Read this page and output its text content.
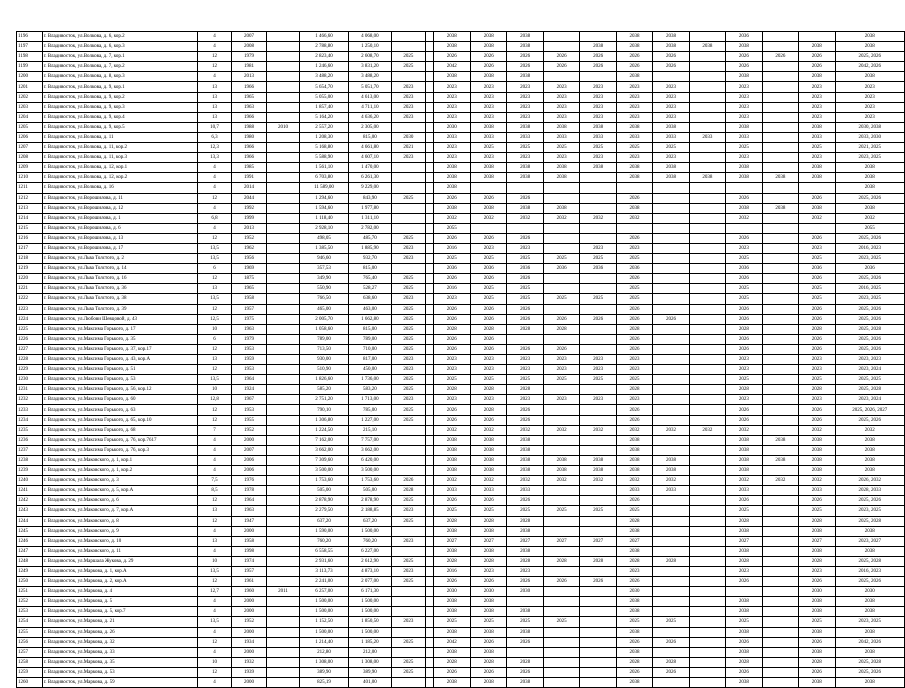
1196	г. Владивосток, ул.Волкова, д. 6, кор.2	4	2007		1 466,60	4 068,00			2038	2038	2038			2038	2038		2036			2038
1197	г. Владивосток, ул.Волкова, д. 6, кор.3	4	2008		2 788,80	1 250,10			2038	2038	2038		2038	2038	2038	2038	2038		2038	2038
1198	г. Владивосток, ул.Волкова, д. 7, кор.1	12	1979		2 823,40	2 608,70	2025		2026	2026	2026	2026	2026	2026	2026		2026	2026	2026	2025, 2026
1199	г. Владивосток, ул.Волкова, д. 7, кор.2	12	1981		1 246,60	3 831,20	2025		2042	2026	2026	2026	2026	2026	2026		2026		2026	2042, 2026
1200	г. Владивосток, ул.Волкова, д. 8, кор.3	4	2013		3 488,20	3 488,20			2038	2038	2038			2038			2038		2038	2038
1201	г. Владивосток, ул.Волкова, д. 9, кор.1	13	1966		5 654,70	5 051,70	2023		2023	2023	2023	2023	2023	2023	2023		2023		2023	2023
1202	г. Владивосток, ул.Волкова, д. 9, кор.2	13	1965		5 055,00	4 613,00	2023		2023	2023	2023	2023	2023	2023	2023		2023		2023	2023
1203	г. Владивосток, ул.Волкова, д. 9, кор.3	13	1963		1 857,40	4 711,10	2023		2023	2023	2023	2023	2023	2023	2023		2023		2023	2023
1204	г. Владивосток, ул.Волкова, д. 9, кор.4	13	1966		5 164,20	4 636,20	2023		2023	2023	2023	2023	2023	2023	2023		2023		2023	2023
1205	г. Владивосток, ул.Волкова, д. 9, кор.5	10,7	1988	2010	2 557,20	2 305,00			2030	2038	2038	2038	2038	2038	2038		2038		2038	2030, 2038
1206	г. Владивосток, ул.Волкова, д. 11	6,3	1980		1 208,30	815,00	2030		2033	2033	2033	2033	2033	2033	2033	2033	2033		2033	2033, 2030
1207	г. Владивосток, ул.Волкова, д. 11, кор.2	12,3	1966		5 168,80	4 661,80	2021		2023	2025	2025	2025	2025	2025	2025		2025		2025	2021, 2025
1208	г. Владивосток, ул.Волкова, д. 11, кор.3	13,3	1966		5 588,90	4 607,10	2023		2023	2023	2023	2023	2023	2023	2023		2023		2023	2023, 2025
1209	г. Владивосток, ул.Волкова, д. 12, кор.1	4	1985		1 561,10	1 470,00			2038	2038	2038	2038	2038	2038	2038		2038		2038	2038
1210	г. Владивосток, ул.Волкова, д. 12, кор.2	4	1991		6 703,80	6 261,30			2038	2038	2038	2038		2038	2038	2038	2038	2038	2038	2038
1211	г. Владивосток, ул.Волкова, д. 16	4	2014		11 589,00	9 229,00			2038											2038
1212	г. Владивосток, ул.Ворошилова, д. 11	12	2044		1 294,60	843,90	2025		2026	2026	2026			2026			2026		2026	2025, 2026
1213	г. Владивосток, ул.Ворошилова, д. 12	4	1992		1 594,60	1 977,80			2038	2038	2038	2038		2038			2038	2038	2038	2038
1214	г. Владивосток, ул.Ворошилова, д. 1	6,8	1999		1 118,40	1 311,10			2032	2032	2032	2032	2032	2032			2032		2032	2032
1215	г. Владивосток, ул.Ворошилова, д. 6	4	2013		2 928,10	2 782,00			2055											2055
1216	г. Владивосток, ул.Ворошилова, д. 13	12	1952		498,05	485,70	2025		2026	2026	2026			2026			2026		2026	2025, 2026
1217	г. Владивосток, ул.Ворошилова, д. 17	13,5	1962		1 385,50	1 885,90	2023		2016	2023	2023		2023	2023			2023		2023	2016, 2023
1218	г. Владивосток, ул.Льва Толстого, д. 2	13,5	1956		946,60	932,70	2023		2025	2025	2025	2025	2025	2025			2025		2025	2023, 2025
1219	г. Владивосток, ул.Льва Толстого, д. 14	6	1969		357,53	815,00			2036	2036	2036	2036	2036	2036			2036		2036	2036
1220	г. Владивосток, ул.Льва Толстого, д. 16	12	1875		349,90	765,40	2025		2026	2026	2026			2026			2026		2026	2025, 2026
1221	г. Владивосток, ул.Льва Толстого, д. 36	13	1965		550,90	528,27	2025		2016	2025	2025			2025			2025		2025	2016, 2025
1222	г. Владивосток, ул.Льва Толстого, д. 38	13,5	1958		766,50	638,60	2023		2023	2025	2025	2025	2025	2025			2025		2025	2023, 2025
1223	г. Владивосток, ул.Льва Толстого, д. 39	12	1957		465,00	463,00	2025		2026	2026	2026			2026			2026		2026	2025, 2026
1224	г. Владивосток, ул.Любови Шевцовой, д. 43	12,5	1975		2 005,70	1 662,80	2025		2026	2026	2026	2026	2026	2026	2026		2026		2026	2025, 2026
1225	г. Владивосток, ул.Максима Горького, д. 17	10	1963		1 058,60	815,00	2025		2028	2028	2028	2028		2028			2028		2028	2025, 2028
1226	г. Владивосток, ул.Максима Горького, д. 35	6	1979		789,00	789,00	2025		2026	2026				2026			2026		2026	2025, 2026
1227	г. Владивосток, ул.Максима Горького, д. 37, кор.17	12	1953		713,50	710,00	2025		2026	2026	2026	2026		2026			2026		2026	2025, 2026
1228	г. Владивосток, ул.Максима Горького, д. 43, кор.А	13	1959		930,00	817,00	2023		2023	2023	2023	2023	2023	2023			2023		2023	2023, 2023
1229	г. Владивосток, ул.Максима Горького, д. 51	12	1953		510,90	450,00	2023		2023	2023	2023	2023	2023	2023			2023		2023	2023, 2024
1230	г. Владивосток, ул.Максима Горького, д. 53	13,5	1964		1 826,60	1 736,00	2025		2025	2025	2025	2025	2025	2025			2025		2025	2025, 2025
1231	г. Владивосток, ул.Максима Горького, д. 56, кор.12	10	1924		585,20	583,20	2025		2028	2028	2028			2028			2028		2028	2025, 2028
1232	г. Владивосток, ул.Максима Горького, д. 60	12,8	1967		2 751,20	1 713,00	2023		2023	2023	2023	2023	2023	2023			2023		2023	2023, 2024
1233	г. Владивосток, ул.Максима Горького, д. 63	12	1953		790,10	785,00	2025		2026	2028	2026			2026			2026		2026	2025, 2026, 2027
1234	г. Владивосток, ул.Максима Горького, д. 65, кор.10	12	1955		1 306,80	1 227,00	2025		2026	2026	2026			2026			2026		2026	2025, 2026
1235	г. Владивосток, ул.Максима Горького, д. 68	7	1952		1 224,50	215,10			2032	2032	2032	2032	2032	2032	2032	2032	2032		2032	2032
1236	г. Владивосток, ул.Максима Горького, д. 76, кор.7617	4	2000		7 162,00	7 757,00			2038	2038	2038			2038			2038	2038	2038	2038
1237	г. Владивосток, ул.Максима Горького, д. 76, кор.3	4	2007		3 662,00	3 662,00			2038	2038	2038			2038			2038		2038	2038
1238	г. Владивосток, ул.Маковского, д. 1, кор.1	4	2006		7 309,60	6 420,00			2038	2038	2038	2038	2038	2038	2038		2038	2038	2038	2038
1239	г. Владивосток, ул.Маковского, д. 1, кор.2	4	2006		3 500,00	3 500,00			2038	2038	2038	2038	2038	2038	2038		2038		2038	2038
1240	г. Владивосток, ул.Маковского, д. 3	7,5	1976		1 753,60	1 753,60	2026		2032	2032	2032	2032	2032	2032	2032		2032	2032	2032	2026, 2032
1241	г. Владивосток, ул.Маковского, д. 5, кор.А	8,5	1978		505,00	505,00	2028		2033	2033	2033			2033	2033		2033		2033	2028, 2033
1242	г. Владивосток, ул.Маковского, д. 6	12	1964		2 878,90	2 878,90	2025		2026	2026	2026			2026			2026		2026	2025, 2026
1243	г. Владивосток, ул.Маковского, д. 7, кор.А	13	1963		2 279,50	2 188,85	2023		2025	2025	2025	2025	2025	2025			2025		2025	2023, 2025
1244	г. Владивосток, ул.Маковского, д. 8	12	1947		637,20	637,20	2025		2028	2028	2028			2028			2028		2028	2025, 2028
1245	г. Владивосток, ул.Маковского, д. 9	4	2000		1 590,00	1 500,00			2038	2038	2038			2038			2038		2038	2038
1246	г. Владивосток, ул.Маковского, д. 10	13	1958		760,20	760,20	2023		2027	2027	2027	2027	2027	2027			2027		2027	2023, 2027
1247	г. Владивосток, ул.Маковского, д. 11	4	1998		6 558,55	6 227,00			2038	2038	2038			2038			2038		2038	2038
1248	г. Владивосток, ул.Маршала Жукова, д. 29	10	1974		2 931,60	2 612,90	2025		2028	2028	2028	2028	2028	2028	2028		2028		2028	2025, 2028
1249	г. Владивосток, ул.Маркова, д. 1, кор.А	13,5	1957		3 113,73	4 873,10	2023		2016	2023	2023			2023			2023		2023	2016, 2023
1250	г. Владивосток, ул.Маркова, д. 2, кор.А	12	1961		2 241,00	2 077,00	2025		2026	2026	2026	2026	2026	2026			2026		2026	2025, 2026
1251	г. Владивосток, ул.Маркова, д. 4	12,7	1960	2011	6 257,00	6 171,30			2030	2030	2030			2030					2030	2030
1252	г. Владивосток, ул.Маркова, д. 5	4	2000		1 500,00	1 500,00			2038	2038				2038			2038		2038	2038
1253	г. Владивосток, ул.Маркова, д. 5, кор.7	4	2000		1 500,00	1 500,00			2038	2038	2038			2038			2038		2038	2038
1254	г. Владивосток, ул.Маркова, д. 21	13,5	1952		1 152,50	1 850,50	2023		2025	2025	2025	2025		2025	2025		2025		2025	2023, 2025
1255	г. Владивосток, ул.Маркова, д. 26	4	2000		1 500,00	1 500,00			2038	2038	2038			2038			2038		2038	2038
1256	г. Владивосток, ул.Маркова, д. 32	12	1934		1 214,40	1 185,20	2025		2042	2026	2026			2026	2026		2026		2026	2042, 2026
1257	г. Владивосток, ул.Маркова, д. 33	4	2000		212,80	212,00			2038	2038				2038			2038		2038	2038
1258	г. Владивосток, ул.Маркова, д. 35	10	1932		1 308,00	1 308,00	2025		2028	2028	2028			2028	2028		2028		2028	2025, 2028
1259	г. Владивосток, ул.Маркова, д. 53	12	1939		389,90	389,90	2025		2026	2026	2026			2026	2026		2026		2026	2025, 2026
1260	г. Владивосток, ул.Маркова, д. 59	4	2000		825,19	401,00			2038	2038	2038			2038			2038		2038	2038
